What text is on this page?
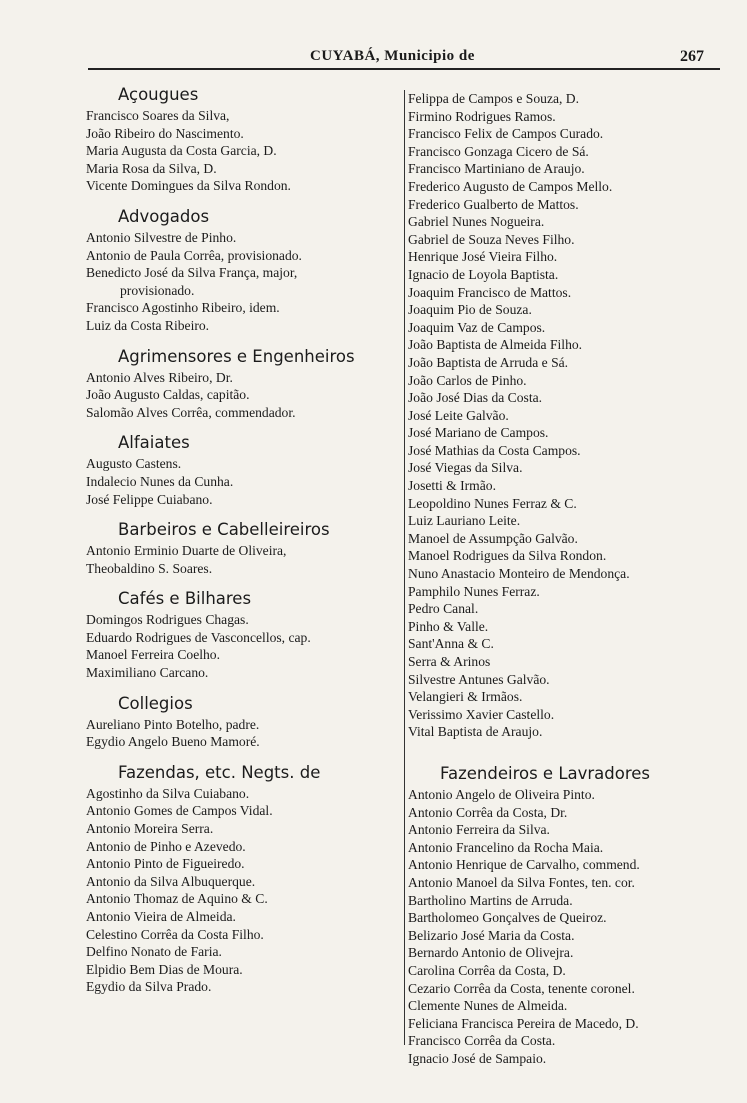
CUYABÁ, Municipio de	267
Açougues
Francisco Soares da Silva,
João Ribeiro do Nascimento.
Maria Augusta da Costa Garcia, D.
Maria Rosa da Silva, D.
Vicente Domingues da Silva Rondon.
Advogados
Antonio Silvestre de Pinho.
Antonio de Paula Corrêa, provisionado.
Benedicto José da Silva França, major,
provisionado.
Francisco Agostinho Ribeiro, idem.
Luiz da Costa Ribeiro.
Agrimensores e Engenheiros
Antonio Alves Ribeiro, Dr.
João Augusto Caldas, capitão.
Salomão Alves Corrêa, commendador.
Alfaiates
Augusto Castens.
Indalecio Nunes da Cunha.
José Felippe Cuiabano.
Barbeiros e Cabelleireiros
Antonio Erminio Duarte de Oliveira,
Theobaldino S. Soares.
Cafés e Bilhares
Domingos Rodrigues Chagas.
Eduardo Rodrigues de Vasconcellos, cap.
Manoel Ferreira Coelho.
Maximiliano Carcano.
Collegios
Aureliano Pinto Botelho, padre.
Egydio Angelo Bueno Mamoré.
Fazendas, etc. Negts. de
Agostinho da Silva Cuiabano.
Antonio Gomes de Campos Vidal.
Antonio Moreira Serra.
Antonio de Pinho e Azevedo.
Antonio Pinto de Figueiredo.
Antonio da Silva Albuquerque.
Antonio Thomaz de Aquino & C.
Antonio Vieira de Almeida.
Celestino Corrêa da Costa Filho.
Delfino Nonato de Faria.
Elpidio Bem Dias de Moura.
Egydio da Silva Prado.
Felippa de Campos e Souza, D.
Firmino Rodrigues Ramos.
Francisco Felix de Campos Curado.
Francisco Gonzaga Cicero de Sá.
Francisco Martiniano de Araujo.
Frederico Augusto de Campos Mello.
Frederico Gualberto de Mattos.
Gabriel Nunes Nogueira.
Gabriel de Souza Neves Filho.
Henrique José Vieira Filho.
Ignacio de Loyola Baptista.
Joaquim Francisco de Mattos.
Joaquim Pio de Souza.
Joaquim Vaz de Campos.
João Baptista de Almeida Filho.
João Baptista de Arruda e Sá.
João Carlos de Pinho.
João José Dias da Costa.
José Leite Galvão.
José Mariano de Campos.
José Mathias da Costa Campos.
José Viegas da Silva.
Josetti & Irmão.
Leopoldino Nunes Ferraz & C.
Luiz Lauriano Leite.
Manoel de Assumpção Galvão.
Manoel Rodrigues da Silva Rondon.
Nuno Anastacio Monteiro de Mendonça.
Pamphilo Nunes Ferraz.
Pedro Canal.
Pinho & Valle.
Sant'Anna & C.
Serra & Arinos
Silvestre Antunes Galvão.
Velangieri & Irmãos.
Verissimo Xavier Castello.
Vital Baptista de Araujo.
Fazendeiros e Lavradores
Antonio Angelo de Oliveira Pinto.
Antonio Corrêa da Costa, Dr.
Antonio Ferreira da Silva.
Antonio Francelino da Rocha Maia.
Antonio Henrique de Carvalho, commend.
Antonio Manoel da Silva Fontes, ten. cor.
Bartholino Martins de Arruda.
Bartholomeo Gonçalves de Queiroz.
Belizario José Maria da Costa.
Bernardo Antonio de Olivejra.
Carolina Corrêa da Costa, D.
Cezario Corrêa da Costa, tenente coronel.
Clemente Nunes de Almeida.
Feliciana Francisca Pereira de Macedo, D.
Francisco Corrêa da Costa.
Ignacio José de Sampaio.
